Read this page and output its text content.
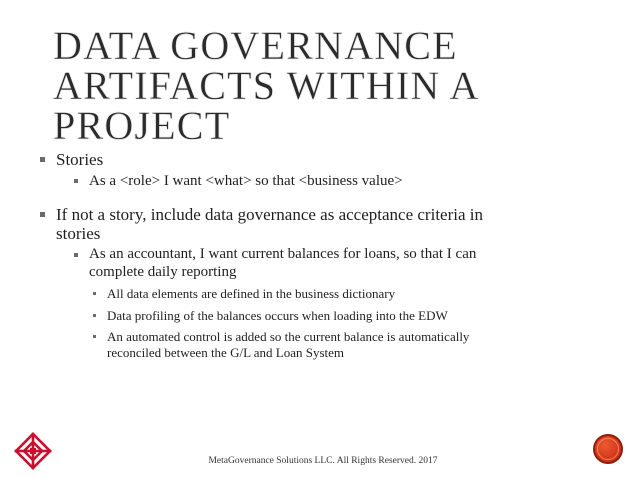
DATA GOVERNANCE
ARTIFACTS WITHIN A
PROJECT

Stories

As a <role> I want <what> so that <business value>

If not a story, include data governance as acceptance criteria in

stories

As an accountant, I want current balances for loans, so that I can

complete daily reporting

All data elements are defined in the business dictionary

Data profiling of the balances occurs when loading into the EDW

An automated control is added so the current balance is automatically

reconciled between the G/L and Loan System

MetaGovernance Solutions LLC. All Rights Reserved. 2017
